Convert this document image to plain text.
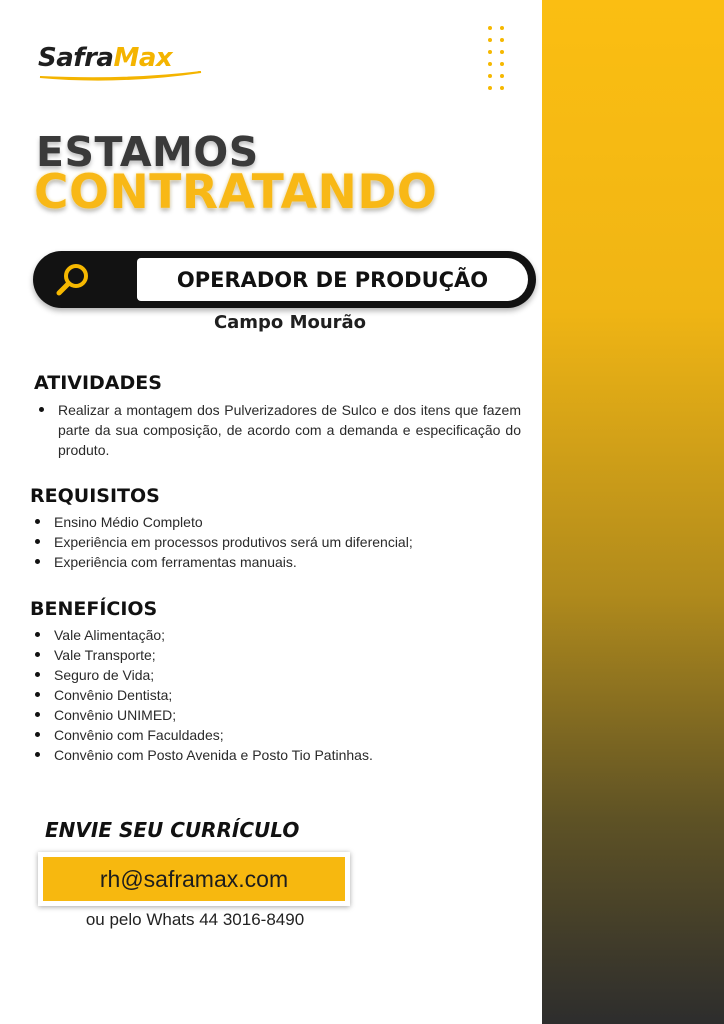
SafraMax
ESTAMOS
CONTRATANDO
OPERADOR DE PRODUÇÃO
Campo Mourão
ATIVIDADES
Realizar a montagem dos Pulverizadores de Sulco e dos itens que fazem parte da sua composição, de acordo com a demanda e especificação do produto.
REQUISITOS
Ensino Médio Completo
Experiência em processos produtivos será um diferencial;
Experiência com ferramentas manuais.
BENEFÍCIOS
Vale Alimentação;
Vale Transporte;
Seguro de Vida;
Convênio Dentista;
Convênio UNIMED;
Convênio com Faculdades;
Convênio com Posto Avenida e Posto Tio Patinhas.
ENVIE SEU CURRÍCULO
rh@saframax.com
ou pelo Whats 44 3016-8490
